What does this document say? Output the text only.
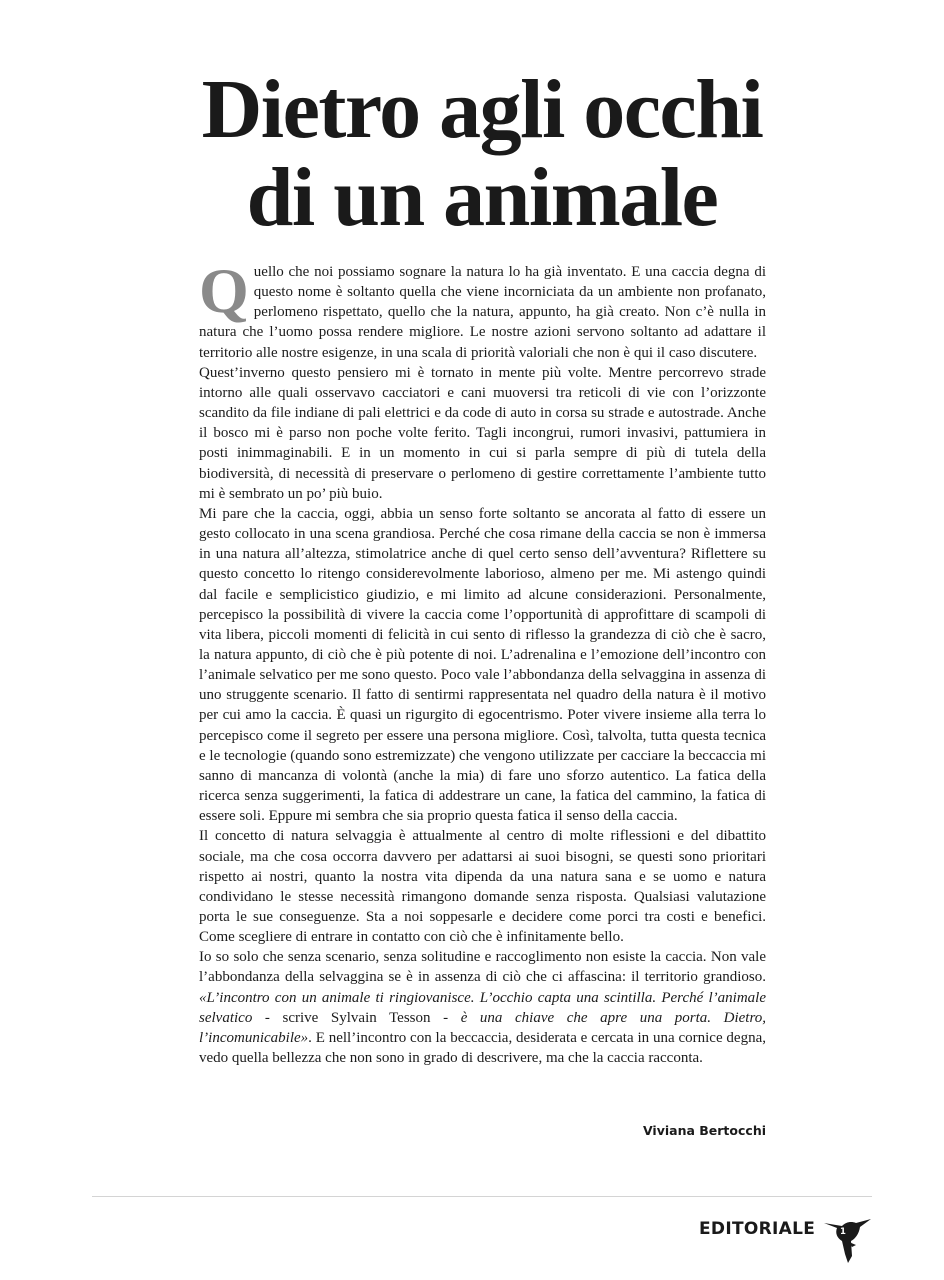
Dietro agli occhi
di un animale

Quello che noi possiamo sognare la natura lo ha già inventato. E una caccia degna di questo nome è soltanto quella che viene incorniciata da un ambiente non profanato, perlomeno rispettato, quello che la natura, appunto, ha già creato. Non c’è nulla in natura che l’uomo possa rendere migliore. Le nostre azioni servono soltanto ad adattare il territorio alle nostre esigenze, in una scala di priorità valoriali che non è qui il caso discutere.

Quest’inverno questo pensiero mi è tornato in mente più volte. Mentre percorrevo strade intorno alle quali osservavo cacciatori e cani muoversi tra reticoli di vie con l’orizzonte scandito da file indiane di pali elettrici e da code di auto in corsa su strade e autostrade. Anche il bosco mi è parso non poche volte ferito. Tagli incongrui, rumori invasivi, pattumiera in posti inimmaginabili. E in un momento in cui si parla sempre di più di tutela della biodiversità, di necessità di preservare o perlomeno di gestire correttamente l’ambiente tutto mi è sembrato un po’ più buio.

Mi pare che la caccia, oggi, abbia un senso forte soltanto se ancorata al fatto di essere un gesto collocato in una scena grandiosa. Perché che cosa rimane della caccia se non è immersa in una natura all’altezza, stimolatrice anche di quel certo senso dell’avventura? Riflettere su questo concetto lo ritengo considerevolmente laborioso, almeno per me. Mi astengo quindi dal facile e semplicistico giudizio, e mi limito ad alcune considerazioni. Personalmente, percepisco la possibilità di vivere la caccia come l’opportunità di approfittare di scampoli di vita libera, piccoli momenti di felicità in cui sento di riflesso la grandezza di ciò che è sacro, la natura appunto, di ciò che è più potente di noi. L’adrenalina e l’emozione dell’incontro con l’animale selvatico per me sono questo. Poco vale l’abbondanza della selvaggina in assenza di uno struggente scenario. Il fatto di sentirmi rappresentata nel quadro della natura è il motivo per cui amo la caccia. È quasi un rigurgito di egocentrismo. Poter vivere insieme alla terra lo percepisco come il segreto per essere una persona migliore. Così, talvolta, tutta questa tecnica e le tecnologie (quando sono estremizzate) che vengono utilizzate per cacciare la beccaccia mi sanno di mancanza di volontà (anche la mia) di fare uno sforzo autentico. La fatica della ricerca senza suggerimenti, la fatica di addestrare un cane, la fatica del cammino, la fatica di essere soli. Eppure mi sembra che sia proprio questa fatica il senso della caccia.

Il concetto di natura selvaggia è attualmente al centro di molte riflessioni e del dibattito sociale, ma che cosa occorra davvero per adattarsi ai suoi bisogni, se questi sono prioritari rispetto ai nostri, quanto la nostra vita dipenda da una natura sana e se uomo e natura condividano le stesse necessità rimangono domande senza risposta. Qualsiasi valutazione porta le sue conseguenze. Sta a noi soppesarle e decidere come porci tra costi e benefici. Come scegliere di entrare in contatto con ciò che è infinitamente bello.

Io so solo che senza scenario, senza solitudine e raccoglimento non esiste la caccia. Non vale l’abbondanza della selvaggina se è in assenza di ciò che ci affascina: il territorio grandioso. «L’incontro con un animale ti ringiovanisce. L’occhio capta una scintilla. Perché l’animale selvatico - scrive Sylvain Tesson - è una chiave che apre una porta. Dietro, l’incomunicabile». E nell’incontro con la beccaccia, desiderata e cercata in una cornice degna, vedo quella bellezza che non sono in grado di descrivere, ma che la caccia racconta.

Viviana Bertocchi
EDITORIALE	1
